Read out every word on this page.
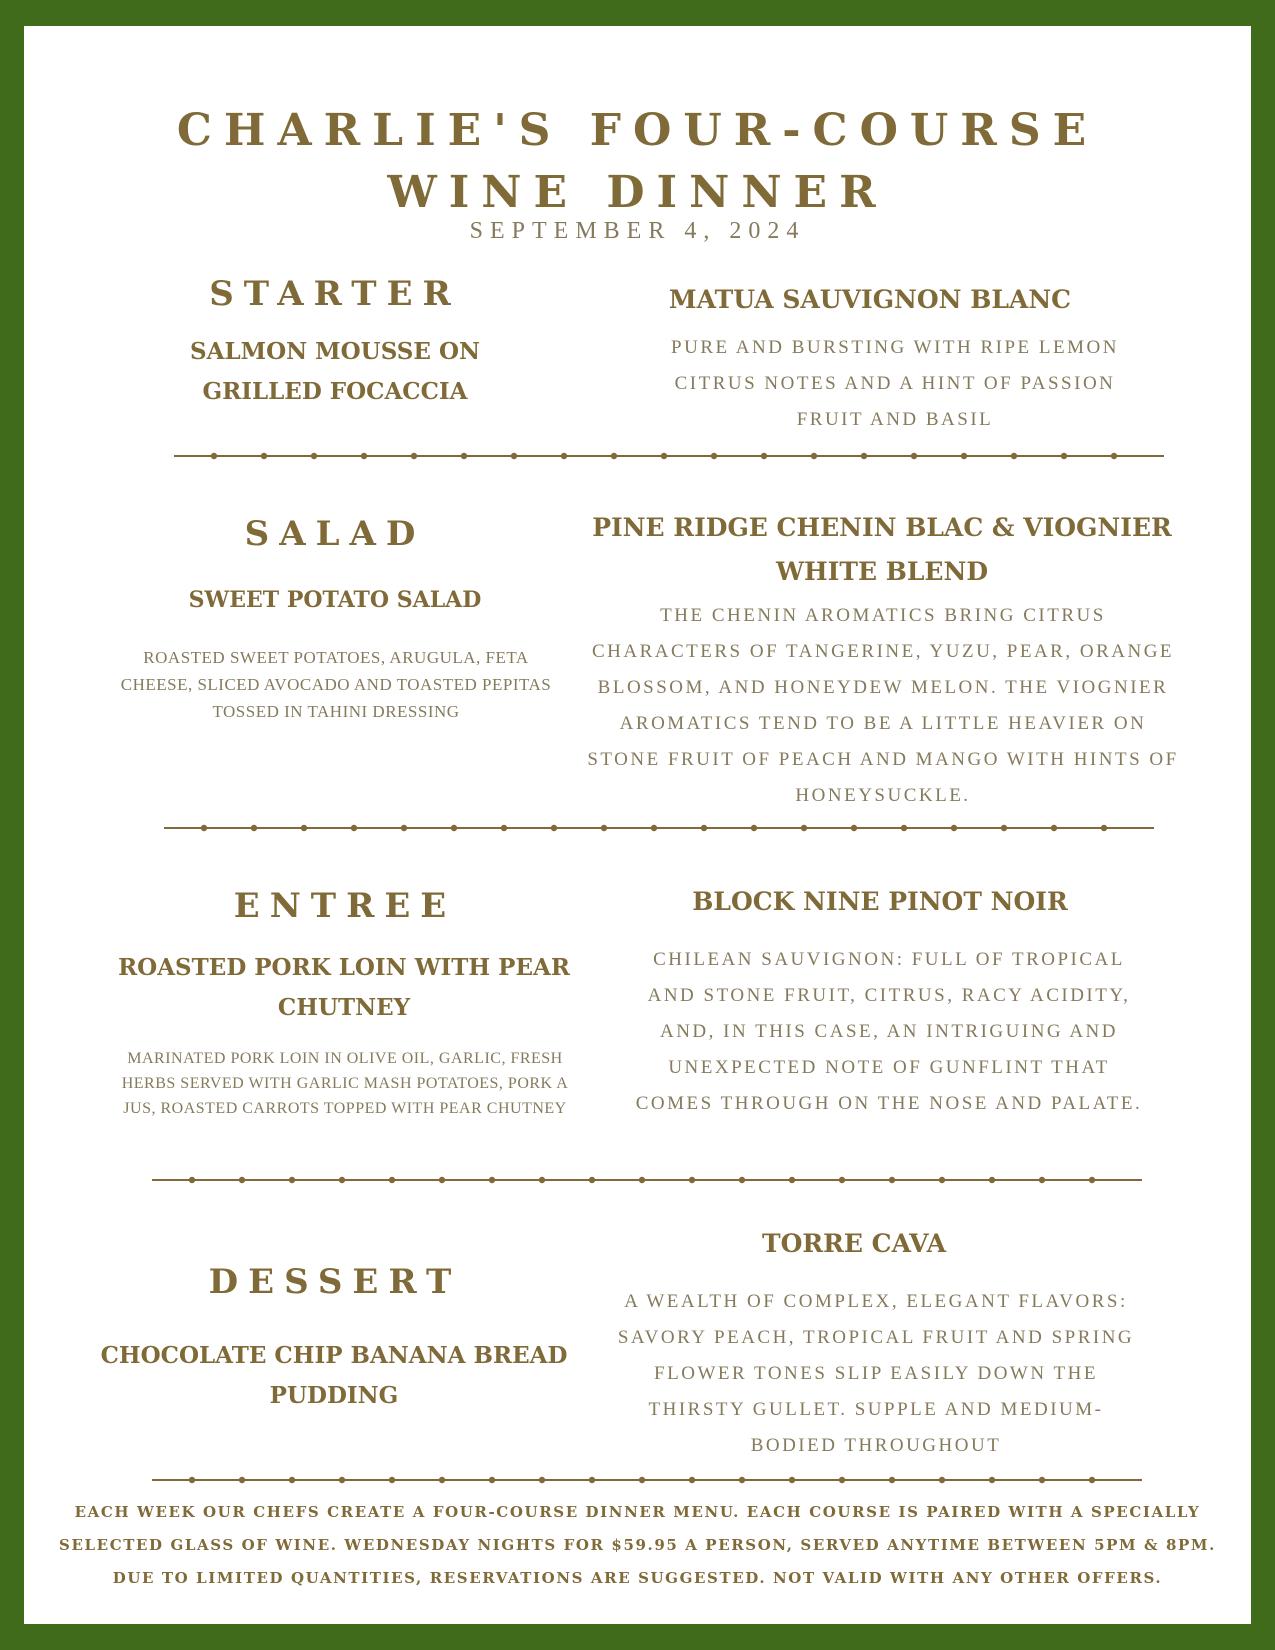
CHARLIE'S FOUR-COURSE
WINE DINNER
SEPTEMBER 4, 2024
STARTER
SALMON MOUSSE ON GRILLED FOCACCIA
MATUA SAUVIGNON BLANC
PURE AND BURSTING WITH RIPE LEMON CITRUS NOTES AND A HINT OF PASSION FRUIT AND BASIL
SALAD
SWEET POTATO SALAD
ROASTED SWEET POTATOES, ARUGULA, FETA CHEESE, SLICED AVOCADO AND TOASTED PEPITAS TOSSED IN TAHINI DRESSING
PINE RIDGE CHENIN BLAC & VIOGNIER WHITE BLEND
THE CHENIN AROMATICS BRING CITRUS CHARACTERS OF TANGERINE, YUZU, PEAR, ORANGE BLOSSOM, AND HONEYDEW MELON. THE VIOGNIER AROMATICS TEND TO BE A LITTLE HEAVIER ON STONE FRUIT OF PEACH AND MANGO WITH HINTS OF HONEYSUCKLE.
ENTREE
ROASTED PORK LOIN WITH PEAR CHUTNEY
MARINATED PORK LOIN IN OLIVE OIL, GARLIC, FRESH HERBS SERVED WITH GARLIC MASH POTATOES, PORK A JUS, ROASTED CARROTS TOPPED WITH PEAR CHUTNEY
BLOCK NINE PINOT NOIR
CHILEAN SAUVIGNON: FULL OF TROPICAL AND STONE FRUIT, CITRUS, RACY ACIDITY, AND, IN THIS CASE, AN INTRIGUING AND UNEXPECTED NOTE OF GUNFLINT THAT COMES THROUGH ON THE NOSE AND PALATE.
DESSERT
CHOCOLATE CHIP BANANA BREAD PUDDING
TORRE CAVA
A WEALTH OF COMPLEX, ELEGANT FLAVORS: SAVORY PEACH, TROPICAL FRUIT AND SPRING FLOWER TONES SLIP EASILY DOWN THE THIRSTY GULLET. SUPPLE AND MEDIUM-BODIED THROUGHOUT
EACH WEEK OUR CHEFS CREATE A FOUR-COURSE DINNER MENU. EACH COURSE IS PAIRED WITH A SPECIALLY SELECTED GLASS OF WINE. WEDNESDAY NIGHTS FOR $59.95 A PERSON, SERVED ANYTIME BETWEEN 5PM & 8PM. DUE TO LIMITED QUANTITIES, RESERVATIONS ARE SUGGESTED. NOT VALID WITH ANY OTHER OFFERS.
